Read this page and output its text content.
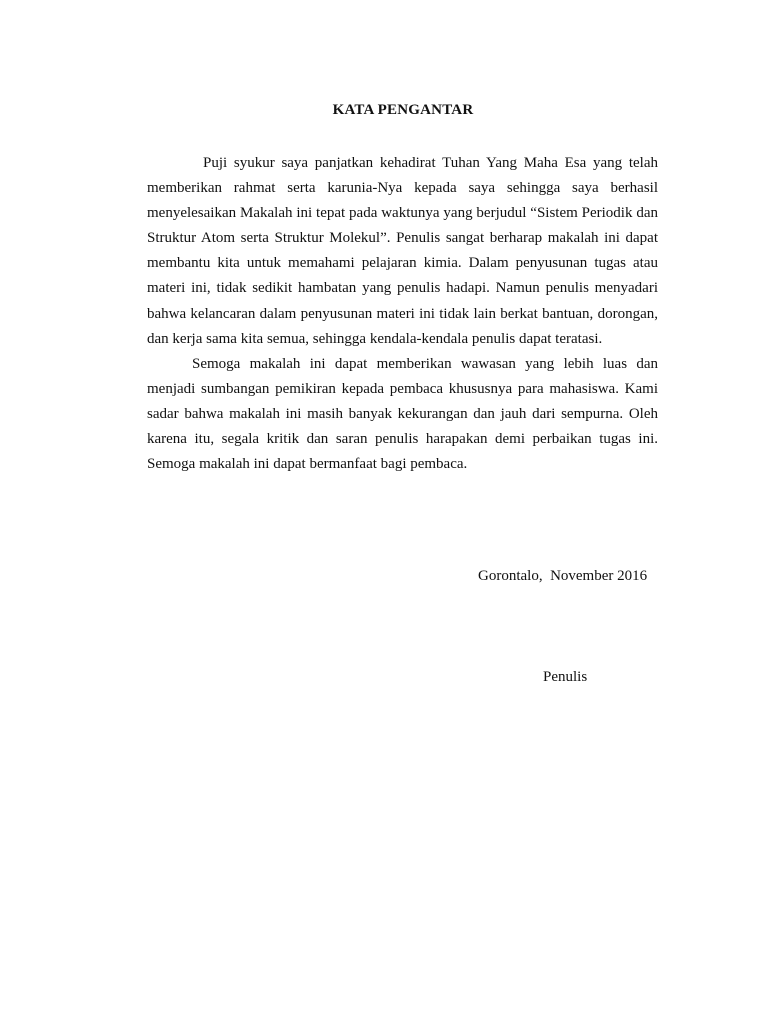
KATA PENGANTAR

Puji syukur saya panjatkan kehadirat Tuhan Yang Maha Esa yang telah memberikan rahmat serta karunia-Nya kepada saya sehingga saya berhasil menyelesaikan Makalah ini tepat pada waktunya yang berjudul “Sistem Periodik dan Struktur Atom serta Struktur Molekul”. Penulis sangat berharap makalah ini dapat membantu kita untuk memahami pelajaran kimia. Dalam penyusunan tugas atau materi ini, tidak sedikit hambatan yang penulis hadapi. Namun penulis menyadari bahwa kelancaran dalam penyusunan materi ini tidak lain berkat bantuan, dorongan, dan kerja sama kita semua, sehingga kendala-kendala penulis dapat teratasi.

Semoga makalah ini dapat memberikan wawasan yang lebih luas dan menjadi sumbangan pemikiran kepada pembaca khususnya para mahasiswa. Kami sadar bahwa makalah ini masih banyak kekurangan dan jauh dari sempurna. Oleh karena itu, segala kritik dan saran penulis harapakan demi perbaikan tugas ini. Semoga makalah ini dapat bermanfaat bagi pembaca.

Gorontalo,  November 2016
Penulis
